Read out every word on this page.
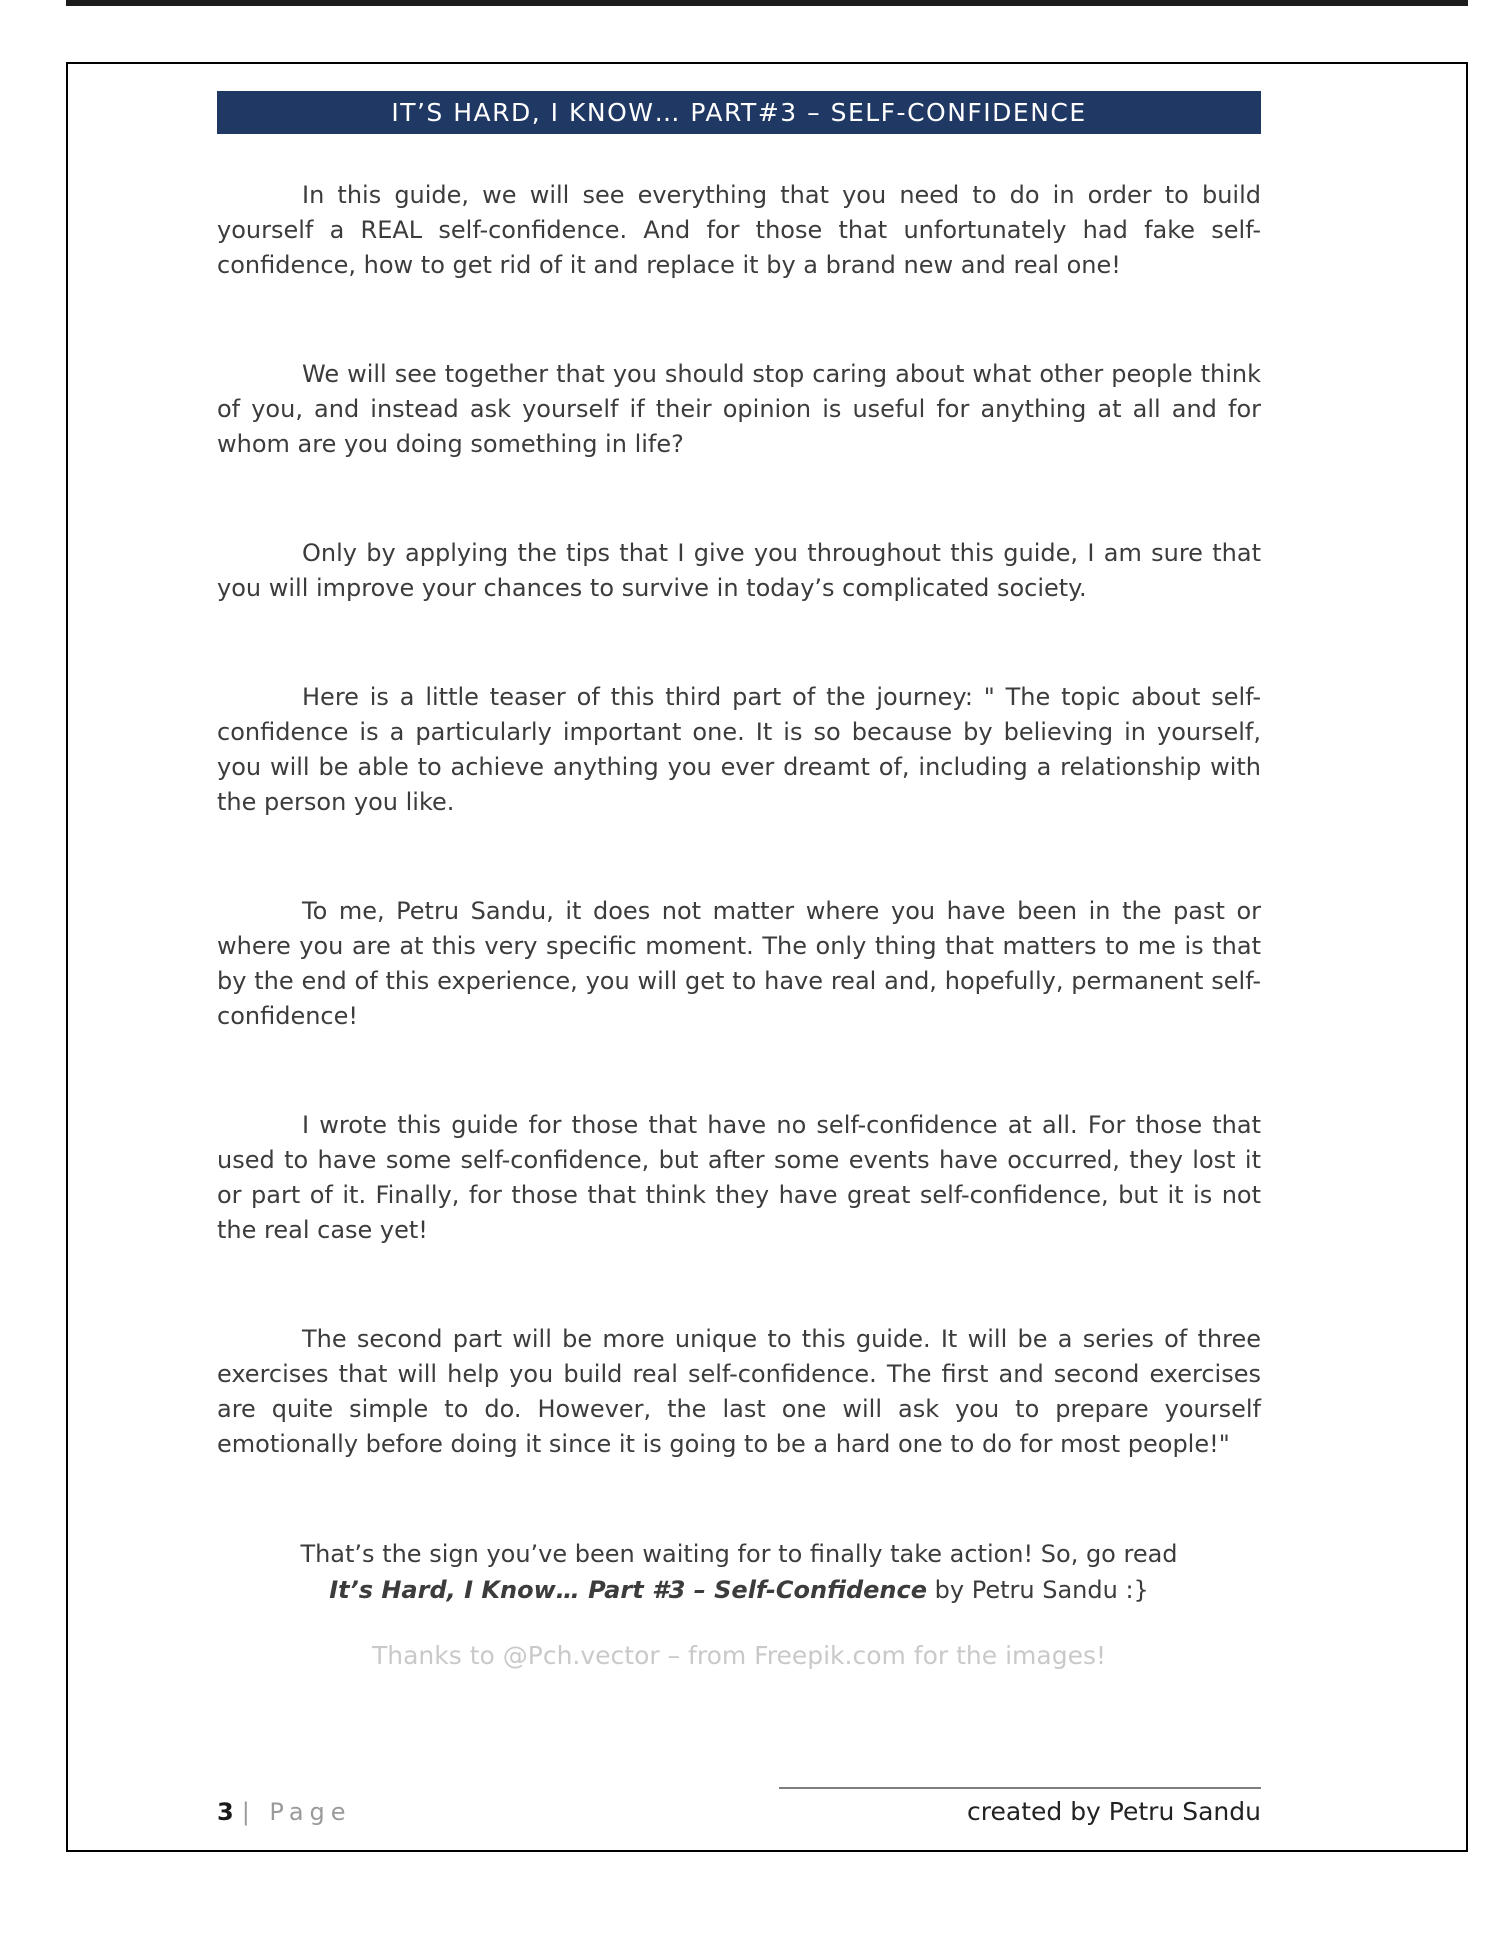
IT’S HARD, I KNOW… PART#3 – SELF-CONFIDENCE

In this guide, we will see everything that you need to do in order to build yourself a REAL self-confidence. And for those that unfortunately had fake self-confidence, how to get rid of it and replace it by a brand new and real one!

We will see together that you should stop caring about what other people think of you, and instead ask yourself if their opinion is useful for anything at all and for whom are you doing something in life?

Only by applying the tips that I give you throughout this guide, I am sure that you will improve your chances to survive in today’s complicated society.

Here is a little teaser of this third part of the journey: " The topic about self-confidence is a particularly important one. It is so because by believing in yourself, you will be able to achieve anything you ever dreamt of, including a relationship with the person you like.

To me, Petru Sandu, it does not matter where you have been in the past or where you are at this very specific moment. The only thing that matters to me is that by the end of this experience, you will get to have real and, hopefully, permanent self-confidence!

I wrote this guide for those that have no self-confidence at all. For those that used to have some self-confidence, but after some events have occurred, they lost it or part of it. Finally, for those that think they have great self-confidence, but it is not the real case yet!

The second part will be more unique to this guide. It will be a series of three exercises that will help you build real self-confidence. The first and second exercises are quite simple to do. However, the last one will ask you to prepare yourself emotionally before doing it since it is going to be a hard one to do for most people!"

That’s the sign you’ve been waiting for to finally take action! So, go read
It’s Hard, I Know… Part #3 – Self-Confidence by Petru Sandu :}
Thanks to @Pch.vector – from Freepik.com for the images!
3 | Page	created by Petru Sandu
